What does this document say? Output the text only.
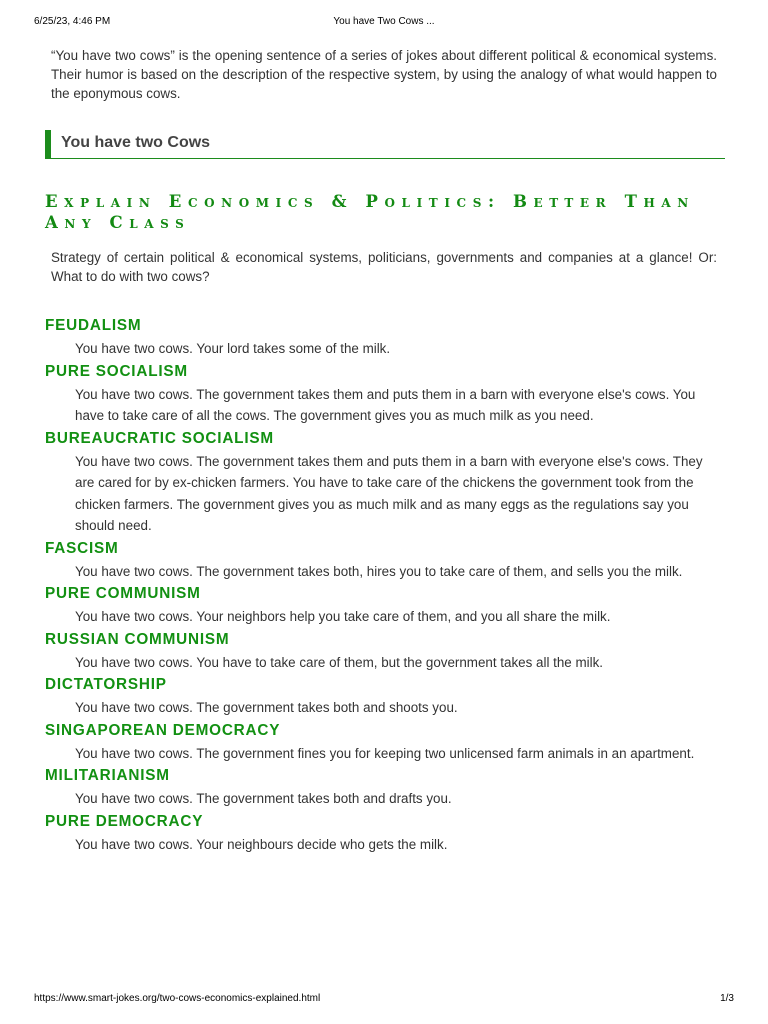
6/25/23, 4:46 PM	You have Two Cows ...

“You have two cows” is the opening sentence of a series of jokes about different political & economical systems. Their humor is based on the description of the respective system, by using the analogy of what would happen to the eponymous cows.

You have two Cows
Explain Economics & Politics: Better Than Any Class

Strategy of certain political & economical systems, politicians, governments and companies at a glance! Or: What to do with two cows?

FEUDALISM

You have two cows. Your lord takes some of the milk.

PURE SOCIALISM

You have two cows. The government takes them and puts them in a barn with everyone else's cows. You have to take care of all the cows. The government gives you as much milk as you need.

BUREAUCRATIC SOCIALISM

You have two cows. The government takes them and puts them in a barn with everyone else's cows. They are cared for by ex-chicken farmers. You have to take care of the chickens the government took from the chicken farmers. The government gives you as much milk and as many eggs as the regulations say you should need.

FASCISM

You have two cows. The government takes both, hires you to take care of them, and sells you the milk.

PURE COMMUNISM

You have two cows. Your neighbors help you take care of them, and you all share the milk.

RUSSIAN COMMUNISM

You have two cows. You have to take care of them, but the government takes all the milk.

DICTATORSHIP

You have two cows. The government takes both and shoots you.

SINGAPOREAN DEMOCRACY

You have two cows. The government fines you for keeping two unlicensed farm animals in an apartment.

MILITARIANISM

You have two cows. The government takes both and drafts you.

PURE DEMOCRACY

You have two cows. Your neighbours decide who gets the milk.

https://www.smart-jokes.org/two-cows-economics-explained.html	1/3
